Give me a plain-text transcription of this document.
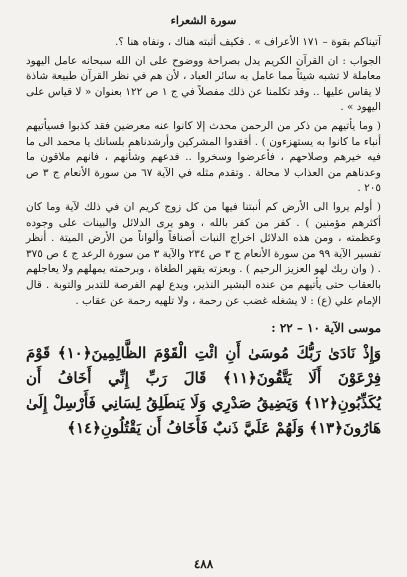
سورة الشعراء

آتيناكم بقوة – ١٧١ الأعراف » . فكيف أثبته هناك ، ونفاه هنا ؟.

الجواب : ان القرآن الكريم يدل بصراحة ووضوح على ان الله سبحانه عامل اليهود معاملة لا تشبه شيئاً مما عامل به سائر العباد ، لأن هم في نظر القرآن طبيعة شاذة لا يقاس عليها .. وقد تكلمنا عن ذلك مفصلاً في ج ١ ص ١٢٢ بعنوان « لا قياس على اليهود » .

( وما يأتيهم من ذكر من الرحمن محدث إلا كانوا عنه معرضين فقد كذبوا فسيأتيهم أنباء ما كانوا به يستهزءون ) . أفقدوا المشركين وأرشدناهم بلسانك يا محمد الى ما فيه خيرهم وصلاحهم ، فأعرضوا وسخروا .. فدعهم وشأنهم ، فانهم ملاقون ما وعدناهم من العذاب لا محالة . وتقدم مثله في الآية ٦٧ من سورة الأنعام ج ٣ ص ٢٠٥ .

( أولم يروا الى الأرض كم أنبتنا فيها من كل زوج كريم ان في ذلك لآية وما كان أكثرهم مؤمنين ) . كفر من كفر بالله ، وهو يرى الدلائل والبينات على وجوده وعظمته ، ومن هذه الدلائل اخراج النبات أصنافاً وألواناً من الأرض الميتة . أنظر تفسير الآية ٩٩ من سورة الأنعام ج ٣ ص ٢٣٤ والآية ٣ من سورة الرعد ج ٤ ص ٣٧٥ . ( وان ربك لهو العزيز الرحيم ) . وبعزته يقهر الطغاة ، وبرحمته يمهلهم ولا يعاجلهم بالعقاب حتى يأتيهم من عنده البشير النذير، ويدع لهم الفرصة للتدبر والتوبة . قال الإمام علي (ع) : لا يشغله غضب عن رحمة ، ولا تلهيه رحمة عن عقاب .

موسى الآية ١٠ – ٢٢ :
وَإِذْ نَادَىٰ رَبُّكَ مُوسَىٰ أَنِ ائْتِ الْقَوْمَ الظَّالِمِينَ﴿١٠﴾ قَوْمَ فِرْعَوْنَ أَلَا يَتَّقُونَ﴿١١﴾ قَالَ رَبِّ إِنِّي أَخَافُ أَن يُكَذِّبُونِ﴿١٢﴾ وَيَضِيقُ صَدْرِي وَلَا يَنطَلِقُ لِسَانِي فَأَرْسِلْ إِلَىٰ هَارُونَ﴿١٣﴾ وَلَهُمْ عَلَيَّ ذَنبٌ فَأَخَافُ أَن يَقْتُلُونِ﴿١٤﴾
٤٨٨
